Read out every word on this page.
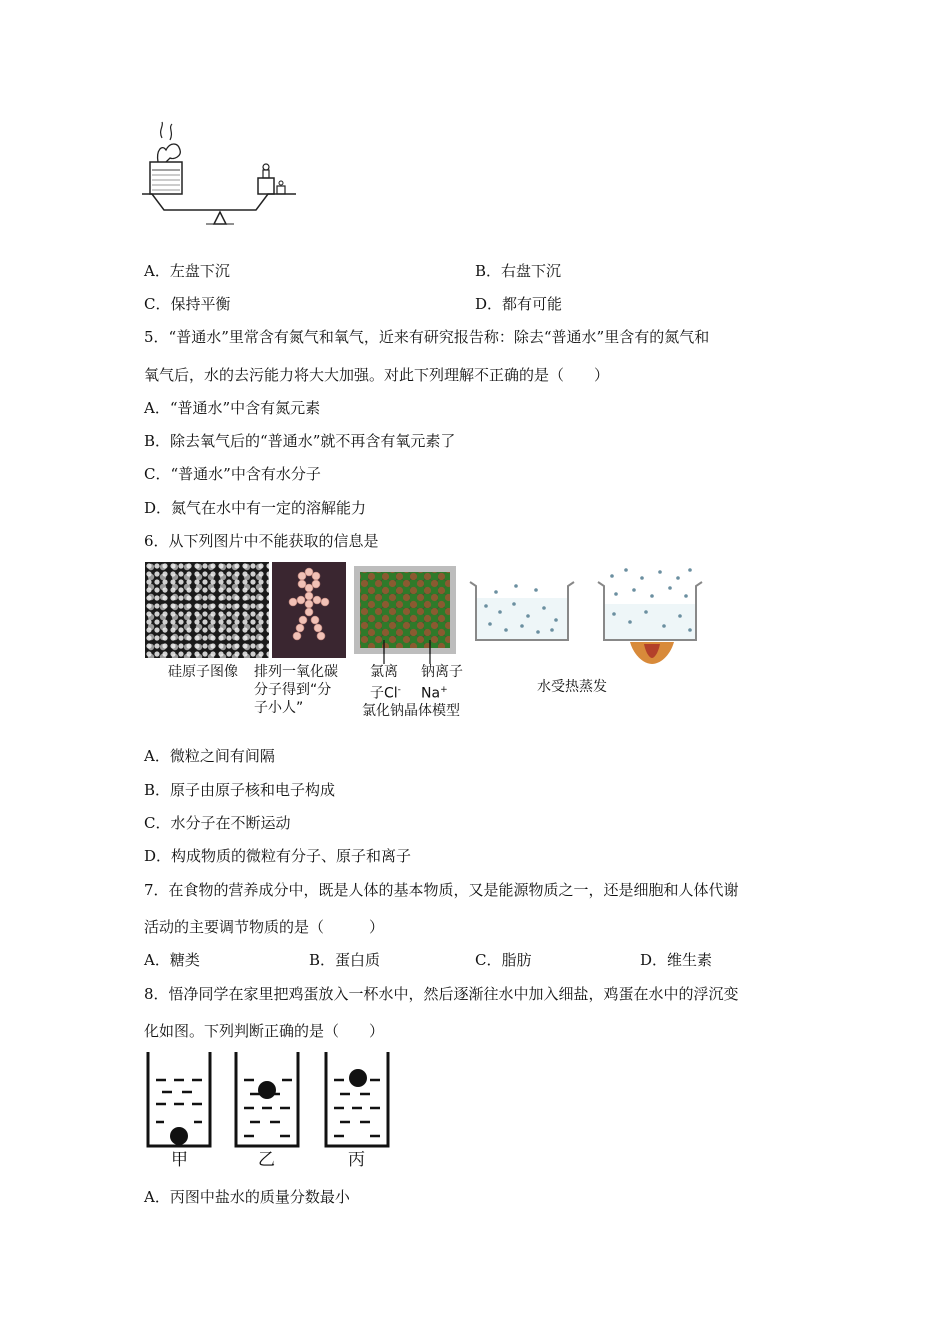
A．左盘下沉	B．右盘下沉
C．保持平衡	D．都有可能
5．“普通水”里常含有氮气和氧气，近来有研究报告称：除去“普通水”里含有的氮气和
氧气后，水的去污能力将大大加强。对此下列理解不正确的是（　　）
A．“普通水”中含有氮元素
B．除去氧气后的“普通水”就不再含有氧元素了
C．“普通水”中含有水分子
D．氮气在水中有一定的溶解能力
6．从下列图片中不能获取的信息是
硅原子图像 排列一氧化碳
分子得到“分
子小人”
氯离
子Cl-
钠离子
Na+
氯化钠晶体模型
水受热蒸发
A．微粒之间有间隔
B．原子由原子核和电子构成
C．水分子在不断运动
D．构成物质的微粒有分子、原子和离子
7．在食物的营养成分中，既是人体的基本物质，又是能源物质之一，还是细胞和人体代谢
活动的主要调节物质的是（　　　）
A．糖类	B．蛋白质	C．脂肪	D．维生素
8．悟净同学在家里把鸡蛋放入一杯水中，然后逐渐往水中加入细盐，鸡蛋在水中的浮沉变
化如图。下列判断正确的是（　　）
甲	乙	丙
A．丙图中盐水的质量分数最小
